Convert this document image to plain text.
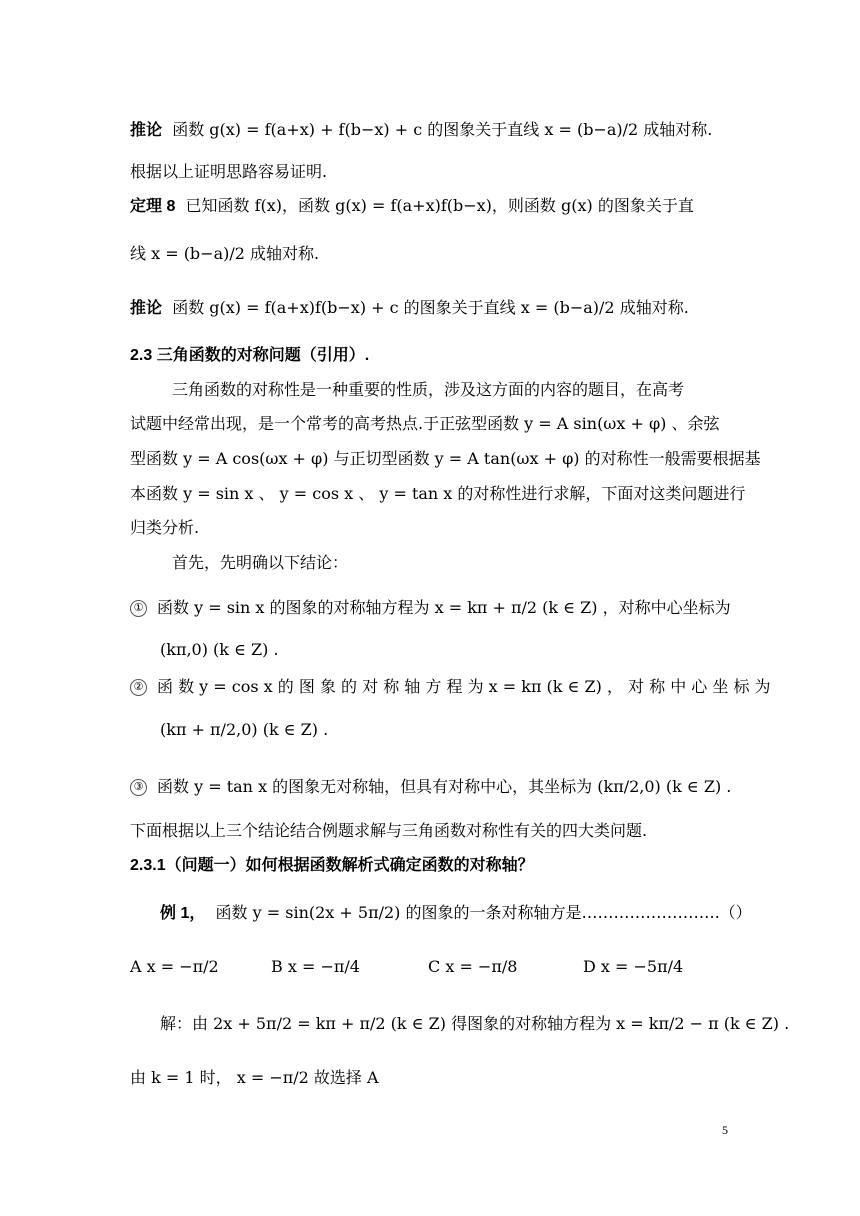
推论 函数 g(x) = f(a+x) + f(b−x) + c 的图象关于直线 x = (b−a)/2 成轴对称.
根据以上证明思路容易证明.
定理 8 已知函数 f(x)，函数 g(x) = f(a+x)f(b−x)，则函数 g(x) 的图象关于直
线 x = (b−a)/2 成轴对称.
推论 函数 g(x) = f(a+x)f(b−x) + c 的图象关于直线 x = (b−a)/2 成轴对称.
2.3 三角函数的对称问题（引用）.
三角函数的对称性是一种重要的性质，涉及这方面的内容的题目，在高考
试题中经常出现，是一个常考的高考热点.于正弦型函数 y = A sin(ωx + φ) 、余弦
型函数 y = A cos(ωx + φ) 与正切型函数 y = A tan(ωx + φ) 的对称性一般需要根据基
本函数 y = sin x 、 y = cos x 、 y = tan x 的对称性进行求解，下面对这类问题进行
归类分析.
首先，先明确以下结论：
① 函数 y = sin x 的图象的对称轴方程为 x = kπ + π/2 (k ∈ Z) ，对称中心坐标为
(kπ,0) (k ∈ Z) .
② 函 数 y = cos x 的 图 象 的 对 称 轴 方 程 为 x = kπ (k ∈ Z) ， 对 称 中 心 坐 标 为
(kπ + π/2,0) (k ∈ Z) .
③ 函数 y = tan x 的图象无对称轴，但具有对称中心，其坐标为 (kπ/2,0) (k ∈ Z) .
下面根据以上三个结论结合例题求解与三角函数对称性有关的四大类问题.
2.3.1（问题一）如何根据函数解析式确定函数的对称轴？
例 1， 函数 y = sin(2x + 5π/2) 的图象的一条对称轴方是……………………..（）
A x = −π/2	B x = −π/4	C x = −π/8	D x = −5π/4
解：由 2x + 5π/2 = kπ + π/2 (k ∈ Z) 得图象的对称轴方程为 x = kπ/2 − π (k ∈ Z) .
由 k = 1 时， x = −π/2 故选择 A
5
